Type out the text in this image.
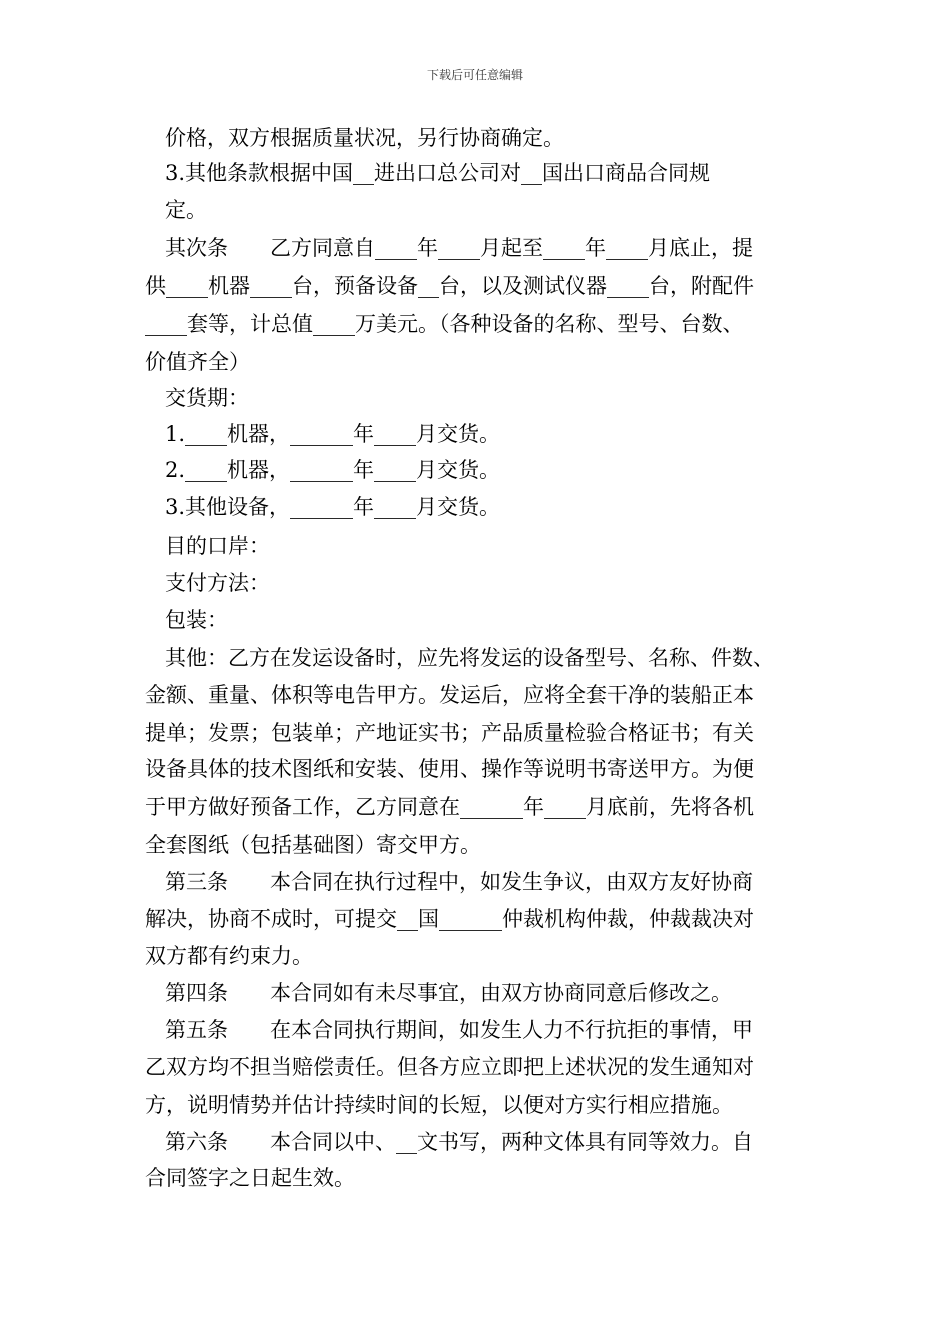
下载后可任意编辑
价格，双方根据质量状况，另行协商确定。
3.其他条款根据中国__进出口总公司对__国出口商品合同规
定。
其次条　　乙方同意自____年____月起至____年____月底止，提
供____机器____台，预备设备__台，以及测试仪器____台，附配件
____套等，计总值____万美元。（各种设备的名称、型号、台数、
价值齐全）
交货期：
1.____机器，______年____月交货。
2.____机器，______年____月交货。
3.其他设备，______年____月交货。
目的口岸：
支付方法：
包装：
其他：乙方在发运设备时，应先将发运的设备型号、名称、件数、
金额、重量、体积等电告甲方。发运后，应将全套干净的装船正本
提单；发票；包装单；产地证实书；产品质量检验合格证书；有关
设备具体的技术图纸和安装、使用、操作等说明书寄送甲方。为便
于甲方做好预备工作，乙方同意在______年____月底前，先将各机
全套图纸（包括基础图）寄交甲方。
第三条　　本合同在执行过程中，如发生争议，由双方友好协商
解决，协商不成时，可提交__国______仲裁机构仲裁，仲裁裁决对
双方都有约束力。
第四条　　本合同如有未尽事宜，由双方协商同意后修改之。
第五条　　在本合同执行期间，如发生人力不行抗拒的事情，甲
乙双方均不担当赔偿责任。但各方应立即把上述状况的发生通知对
方，说明情势并估计持续时间的长短，以便对方实行相应措施。
第六条　　本合同以中、__文书写，两种文体具有同等效力。自
合同签字之日起生效。
